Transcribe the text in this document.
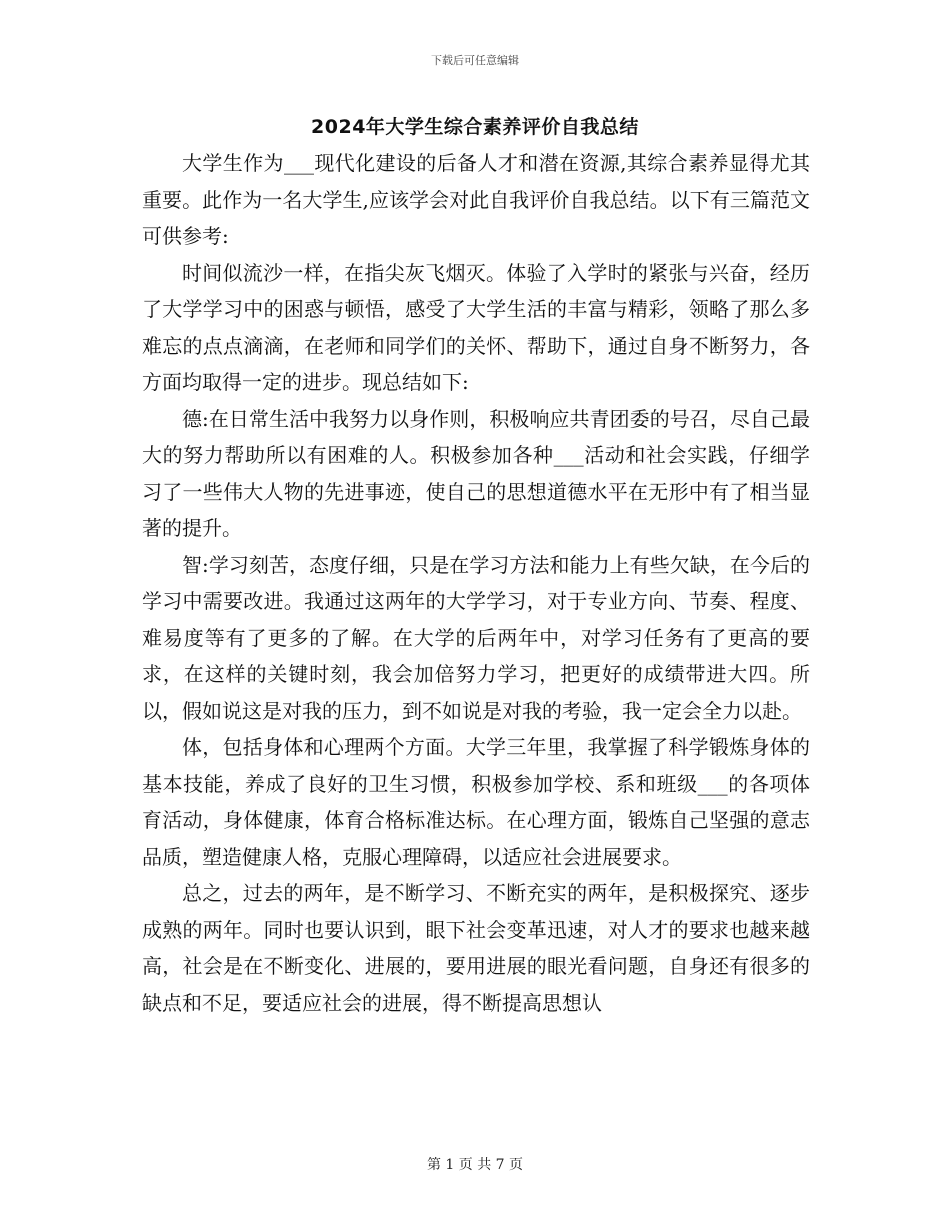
下载后可任意编辑
2024年大学生综合素养评价自我总结

大学生作为___现代化建设的后备人才和潜在资源,其综合素养显得尤其重要。此作为一名大学生,应该学会对此自我评价自我总结。以下有三篇范文可供参考:

时间似流沙一样，在指尖灰飞烟灭。体验了入学时的紧张与兴奋，经历了大学学习中的困惑与顿悟，感受了大学生活的丰富与精彩，领略了那么多难忘的点点滴滴，在老师和同学们的关怀、帮助下，通过自身不断努力，各方面均取得一定的进步。现总结如下:

德:在日常生活中我努力以身作则，积极响应共青团委的号召，尽自己最大的努力帮助所以有困难的人。积极参加各种___活动和社会实践，仔细学习了一些伟大人物的先进事迹，使自己的思想道德水平在无形中有了相当显著的提升。

智:学习刻苦，态度仔细，只是在学习方法和能力上有些欠缺，在今后的学习中需要改进。我通过这两年的大学学习，对于专业方向、节奏、程度、难易度等有了更多的了解。在大学的后两年中，对学习任务有了更高的要求，在这样的关键时刻，我会加倍努力学习，把更好的成绩带进大四。所以，假如说这是对我的压力，到不如说是对我的考验，我一定会全力以赴。

体，包括身体和心理两个方面。大学三年里，我掌握了科学锻炼身体的基本技能，养成了良好的卫生习惯，积极参加学校、系和班级___的各项体育活动，身体健康，体育合格标准达标。在心理方面，锻炼自己坚强的意志品质，塑造健康人格，克服心理障碍，以适应社会进展要求。

总之，过去的两年，是不断学习、不断充实的两年，是积极探究、逐步成熟的两年。同时也要认识到，眼下社会变革迅速，对人才的要求也越来越高，社会是在不断变化、进展的，要用进展的眼光看问题，自身还有很多的缺点和不足，要适应社会的进展，得不断提高思想认

第 1 页 共 7 页
